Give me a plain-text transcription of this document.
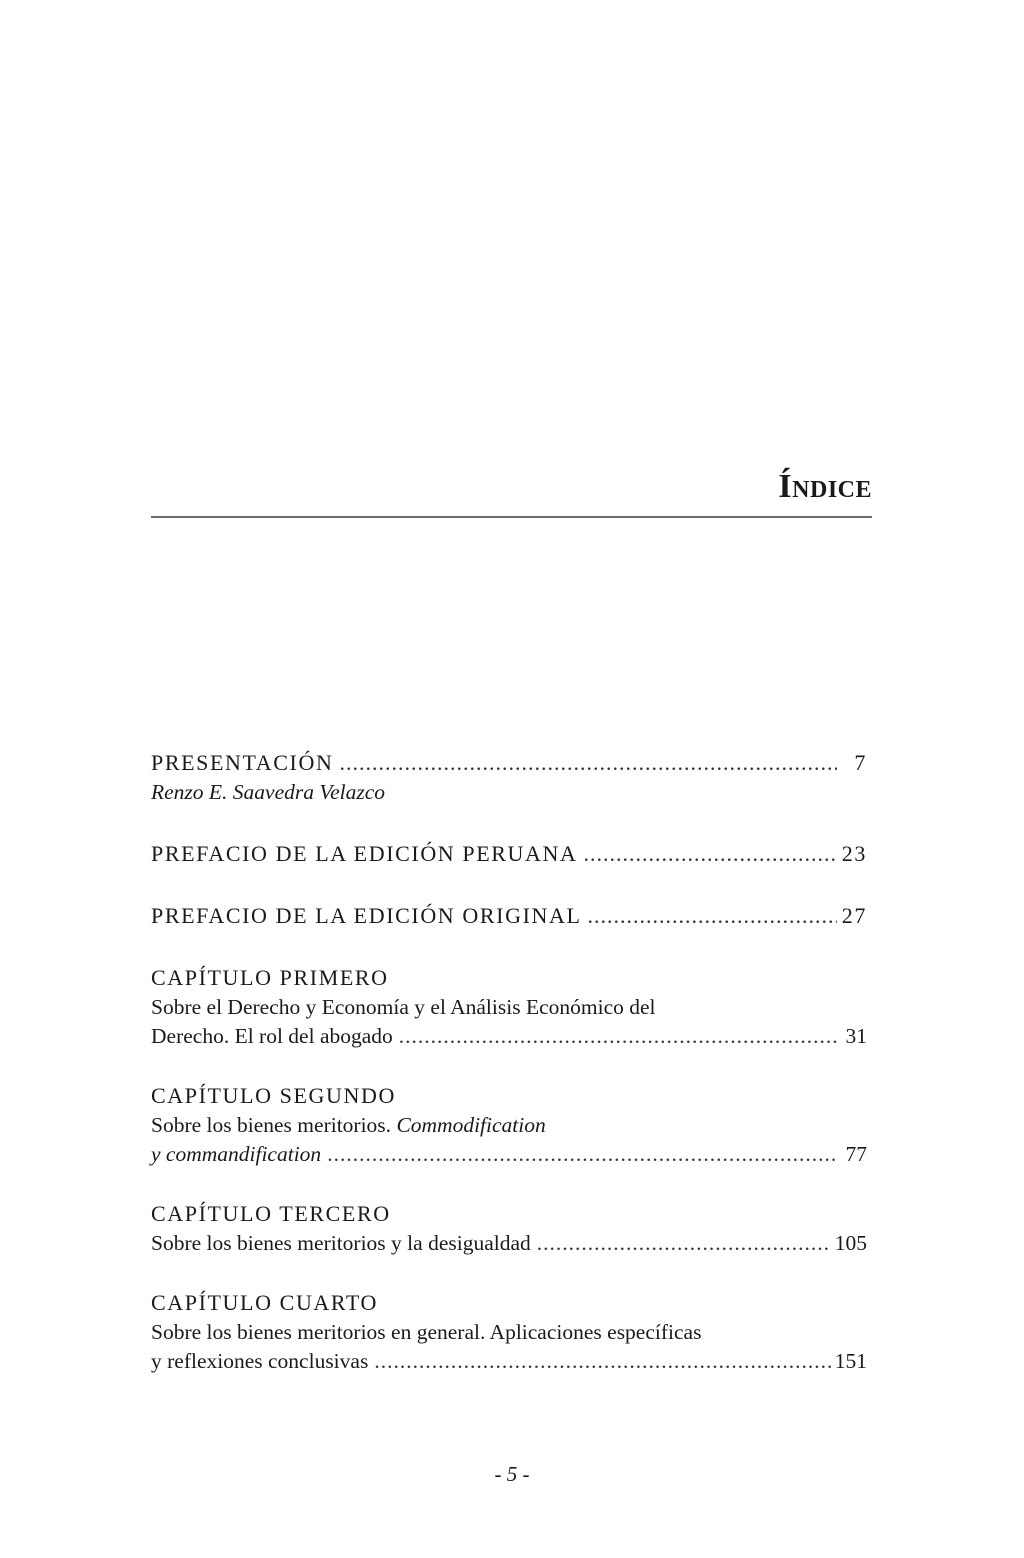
Índice
PRESENTACIÓN .....	7
Renzo E. Saavedra Velazco
PREFACIO DE LA EDICIÓN PERUANA .....	23
PREFACIO DE LA EDICIÓN ORIGINAL .....	27
CAPÍTULO PRIMERO
Sobre el Derecho y Economía y el Análisis Económico del
Derecho. El rol del abogado .....	31
CAPÍTULO SEGUNDO
Sobre los bienes meritorios.
Commodification
y commandification .....	77
CAPÍTULO TERCERO
Sobre los bienes meritorios y la desigualdad .....	105
CAPÍTULO CUARTO
Sobre los bienes meritorios en general. Aplicaciones específicas
y reflexiones conclusivas .....	151
- 5 -
